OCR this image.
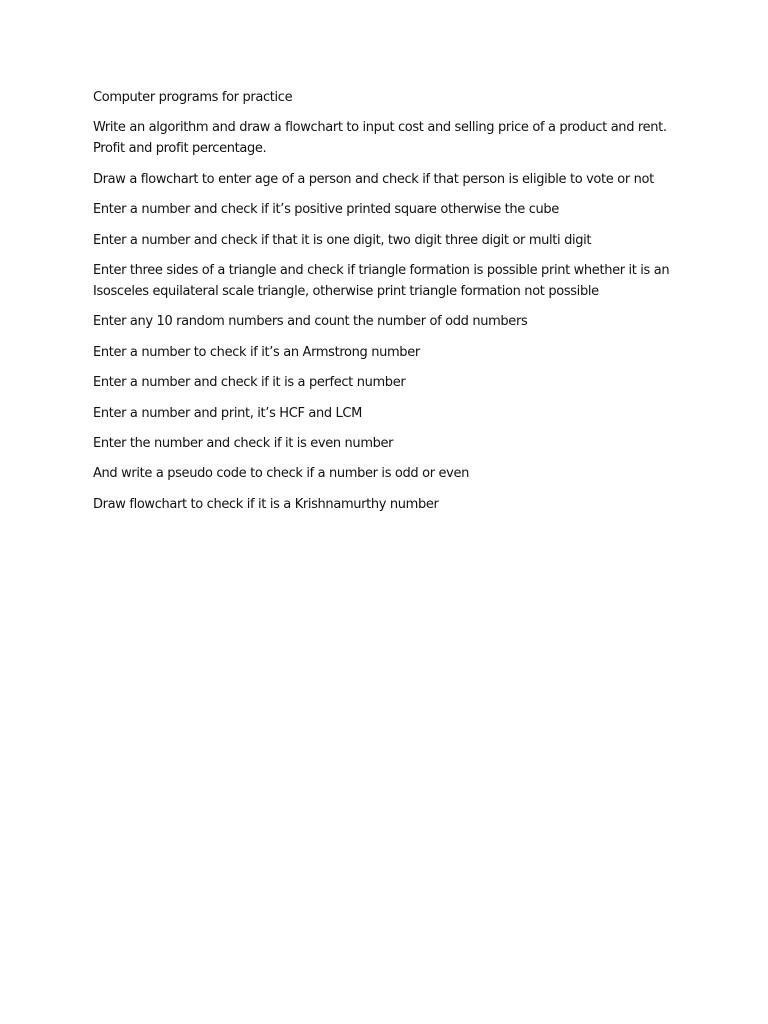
Computer programs for practice

Write an algorithm and draw a flowchart to input cost and selling price of a product and rent. Profit and profit percentage.

Draw a flowchart to enter age of a person and check if that person is eligible to vote or not

Enter a number and check if it’s positive printed square otherwise the cube

Enter a number and check if that it is one digit, two digit three digit or multi digit

Enter three sides of a triangle and check if triangle formation is possible print whether it is an Isosceles equilateral scale triangle, otherwise print triangle formation not possible

Enter any 10 random numbers and count the number of odd numbers

Enter a number to check if it’s an Armstrong number

Enter a number and check if it is a perfect number

Enter a number and print, it’s HCF and LCM

Enter the number and check if it is even number

And write a pseudo code to check if a number is odd or even

Draw flowchart to check if it is a Krishnamurthy number
